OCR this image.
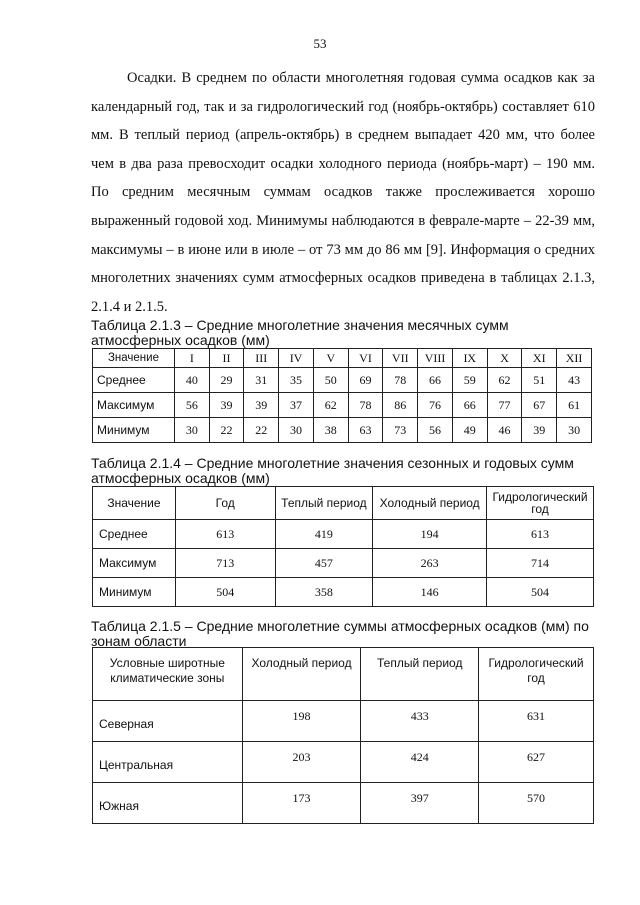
53

Осадки. В среднем по области многолетняя годовая сумма осадков как за календарный год, так и за гидрологический год (ноябрь-октябрь) составляет 610 мм. В теплый период (апрель-октябрь) в среднем выпадает 420 мм, что более чем в два раза превосходит осадки холодного периода (ноябрь-март) – 190 мм. По средним месячным суммам осадков также прослеживается хорошо выраженный годовой ход. Минимумы наблюдаются в феврале-марте – 22-39 мм, максимумы – в июне или в июле – от 73 мм до 86 мм [9]. Информация о средних многолетних значениях сумм атмосферных осадков приведена в таблицах 2.1.3, 2.1.4 и 2.1.5.

Таблица 2.1.3 – Средние многолетние значения месячных сумм атмосферных осадков (мм)

Значение	I	II	III	IV	V	VI	VII	VIII	IX	X	XI	XII
Среднее	40	29	31	35	50	69	78	66	59	62	51	43
Максимум	56	39	39	37	62	78	86	76	66	77	67	61
Минимум	30	22	22	30	38	63	73	56	49	46	39	30

Таблица 2.1.4 – Средние многолетние значения сезонных и годовых сумм атмосферных осадков (мм)

Значение	Год	Теплый период	Холодный период	Гидрологический год
Среднее	613	419	194	613
Максимум	713	457	263	714
Минимум	504	358	146	504

Таблица 2.1.5 – Средние многолетние суммы атмосферных осадков (мм) по зонам области

Условные широтные климатические зоны	Холодный период	Теплый период	Гидрологический год
Северная	198	433	631
Центральная	203	424	627
Южная	173	397	570
